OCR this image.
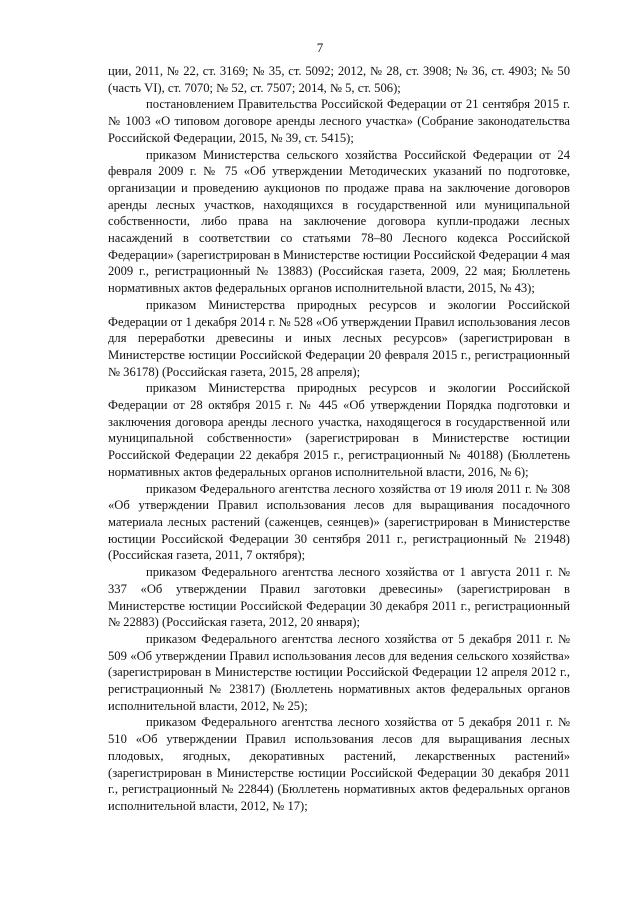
7

ции, 2011, № 22, ст. 3169; № 35, ст. 5092; 2012, № 28, ст. 3908; № 36, ст. 4903; № 50 (часть VI), ст. 7070; № 52, ст. 7507; 2014, № 5, ст. 506);

постановлением Правительства Российской Федерации от 21 сентября 2015 г. № 1003 «О типовом договоре аренды лесного участка» (Собрание законодательства Российской Федерации, 2015, № 39, ст. 5415);

приказом Министерства сельского хозяйства Российской Федерации от 24 февраля 2009 г. № 75 «Об утверждении Методических указаний по подготовке, организации и проведению аукционов по продаже права на заключение договоров аренды лесных участков, находящихся в государственной или муниципальной собственности, либо права на заключение договора купли-продажи лесных насаждений в соответствии со статьями 78–80 Лесного кодекса Российской Федерации» (зарегистрирован в Министерстве юстиции Российской Федерации 4 мая 2009 г., регистрационный № 13883) (Российская газета, 2009, 22 мая; Бюллетень нормативных актов федеральных органов исполнительной власти, 2015, № 43);

приказом Министерства природных ресурсов и экологии Российской Федерации от 1 декабря 2014 г. № 528 «Об утверждении Правил использования лесов для переработки древесины и иных лесных ресурсов» (зарегистрирован в Министерстве юстиции Российской Федерации 20 февраля 2015 г., регистрационный № 36178) (Российская газета, 2015, 28 апреля);

приказом Министерства природных ресурсов и экологии Российской Федерации от 28 октября 2015 г. № 445 «Об утверждении Порядка подготовки и заключения договора аренды лесного участка, находящегося в государственной или муниципальной собственности» (зарегистрирован в Министерстве юстиции Российской Федерации 22 декабря 2015 г., регистрационный № 40188) (Бюллетень нормативных актов федеральных органов исполнительной власти, 2016, № 6);

приказом Федерального агентства лесного хозяйства от 19 июля 2011 г. № 308 «Об утверждении Правил использования лесов для выращивания посадочного материала лесных растений (саженцев, сеянцев)» (зарегистрирован в Министерстве юстиции Российской Федерации 30 сентября 2011 г., регистрационный № 21948) (Российская газета, 2011, 7 октября);

приказом Федерального агентства лесного хозяйства от 1 августа 2011 г. № 337 «Об утверждении Правил заготовки древесины» (зарегистрирован в Министерстве юстиции Российской Федерации 30 декабря 2011 г., регистрационный № 22883) (Российская газета, 2012, 20 января);

приказом Федерального агентства лесного хозяйства от 5 декабря 2011 г. № 509 «Об утверждении Правил использования лесов для ведения сельского хозяйства» (зарегистрирован в Министерстве юстиции Российской Федерации 12 апреля 2012 г., регистрационный № 23817) (Бюллетень нормативных актов федеральных органов исполнительной власти, 2012, № 25);

приказом Федерального агентства лесного хозяйства от 5 декабря 2011 г. № 510 «Об утверждении Правил использования лесов для выращивания лесных плодовых, ягодных, декоративных растений, лекарственных растений» (зарегистрирован в Министерстве юстиции Российской Федерации 30 декабря 2011 г., регистрационный № 22844) (Бюллетень нормативных актов федеральных органов исполнительной власти, 2012, № 17);
